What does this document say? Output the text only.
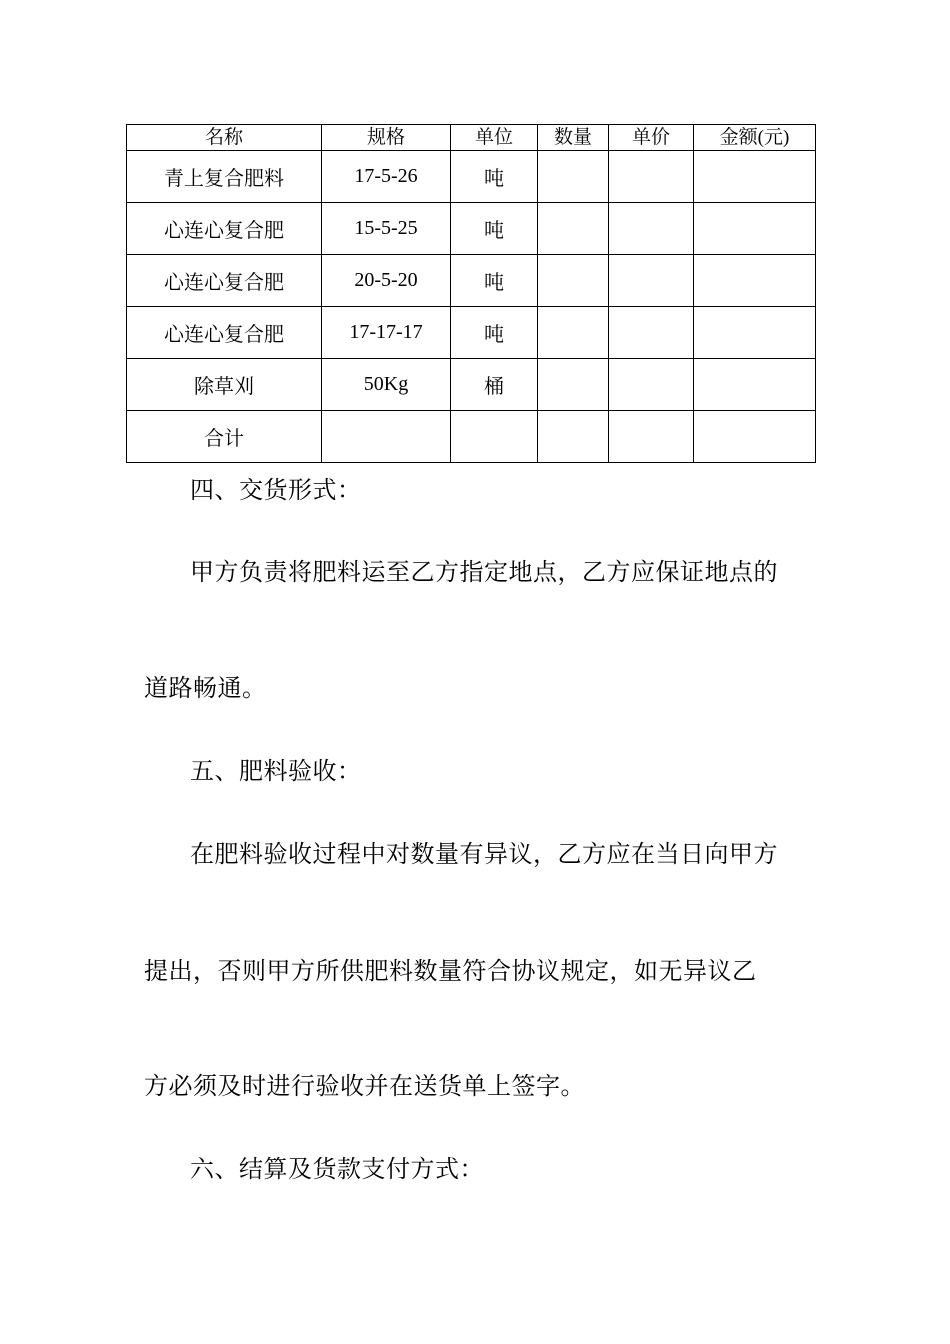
名称	规格	单位	数量	单价	金额(元)
青上复合肥料	17-5-26	吨			
心连心复合肥	15-5-25	吨			
心连心复合肥	20-5-20	吨			
心连心复合肥	17-17-17	吨			
除草刈	50Kg	桶			
合计					
四、交货形式：
甲方负责将肥料运至乙方指定地点，乙方应保证地点的
道路畅通。
五、肥料验收：
在肥料验收过程中对数量有异议，乙方应在当日向甲方
提出，否则甲方所供肥料数量符合协议规定，如无异议乙
方必须及时进行验收并在送货单上签字。
六、结算及货款支付方式：
